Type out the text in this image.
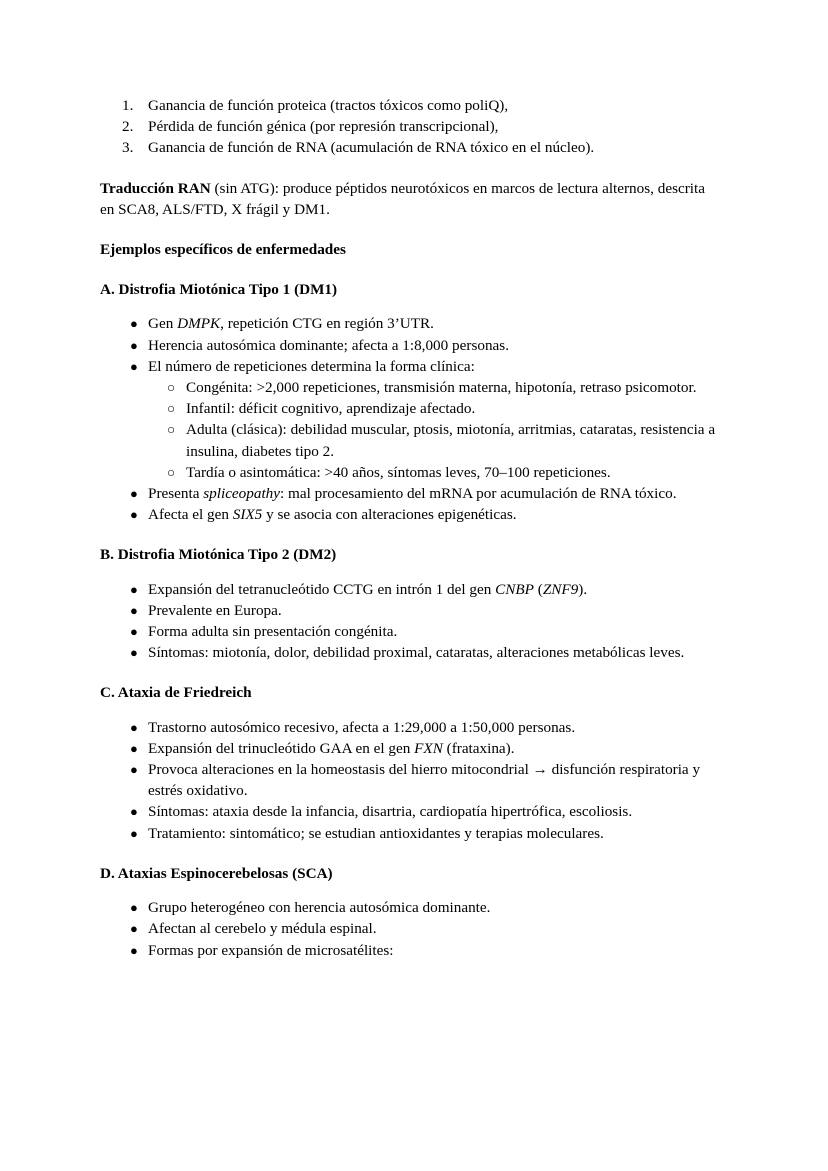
1. Ganancia de función proteica (tractos tóxicos como poliQ),
2. Pérdida de función génica (por represión transcripcional),
3. Ganancia de función de RNA (acumulación de RNA tóxico en el núcleo).

Traducción RAN (sin ATG): produce péptidos neurotóxicos en marcos de lectura alternos, descrita en SCA8, ALS/FTD, X frágil y DM1.

Ejemplos específicos de enfermedades

A. Distrofia Miotónica Tipo 1 (DM1)

● Gen DMPK, repetición CTG en región 3’UTR.
● Herencia autosómica dominante; afecta a 1:8,000 personas.
● El número de repeticiones determina la forma clínica:
○ Congénita: >2,000 repeticiones, transmisión materna, hipotonía, retraso psicomotor.
○ Infantil: déficit cognitivo, aprendizaje afectado.
○ Adulta (clásica): debilidad muscular, ptosis, miotonía, arritmias, cataratas, resistencia a insulina, diabetes tipo 2.
○ Tardía o asintomática: >40 años, síntomas leves, 70–100 repeticiones.
● Presenta spliceopathy: mal procesamiento del mRNA por acumulación de RNA tóxico.
● Afecta el gen SIX5 y se asocia con alteraciones epigenéticas.

B. Distrofia Miotónica Tipo 2 (DM2)

● Expansión del tetranucleótido CCTG en intrón 1 del gen CNBP (ZNF9).
● Prevalente en Europa.
● Forma adulta sin presentación congénita.
● Síntomas: miotonía, dolor, debilidad proximal, cataratas, alteraciones metabólicas leves.

C. Ataxia de Friedreich

● Trastorno autosómico recesivo, afecta a 1:29,000 a 1:50,000 personas.
● Expansión del trinucleótido GAA en el gen FXN (frataxina).
● Provoca alteraciones en la homeostasis del hierro mitocondrial → disfunción respiratoria y estrés oxidativo.
● Síntomas: ataxia desde la infancia, disartria, cardiopatía hipertrófica, escoliosis.
● Tratamiento: sintomático; se estudian antioxidantes y terapias moleculares.

D. Ataxias Espinocerebelosas (SCA)

● Grupo heterogéneo con herencia autosómica dominante.
● Afectan al cerebelo y médula espinal.
● Formas por expansión de microsatélites:
